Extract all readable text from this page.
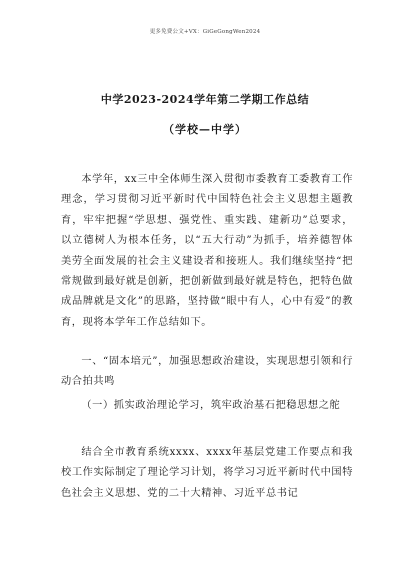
更多免费公文+VX：GiGeGongWen2024
中学2023-2024学年第二学期工作总结
（学校—中学）

本学年，xx三中全体师生深入贯彻市委教育工委教育工作理念，学习贯彻习近平新时代中国特色社会主义思想主题教育，牢牢把握“学思想、强党性、重实践、建新功”总要求，以立德树人为根本任务，以“五大行动”为抓手，培养德智体美劳全面发展的社会主义建设者和接班人。我们继续坚持“把常规做到最好就是创新，把创新做到最好就是特色，把特色做成品牌就是文化”的思路，坚持做“眼中有人，心中有爱”的教育，现将本学年工作总结如下。

一、“固本培元”，加强思想政治建设，实现思想引领和行动合拍共鸣

（一）抓实政治理论学习，筑牢政治基石把稳思想之舵

结合全市教育系统xxxx、xxxx年基层党建工作要点和我校工作实际制定了理论学习计划，将学习习近平新时代中国特色社会主义思想、党的二十大精神、习近平总书记
